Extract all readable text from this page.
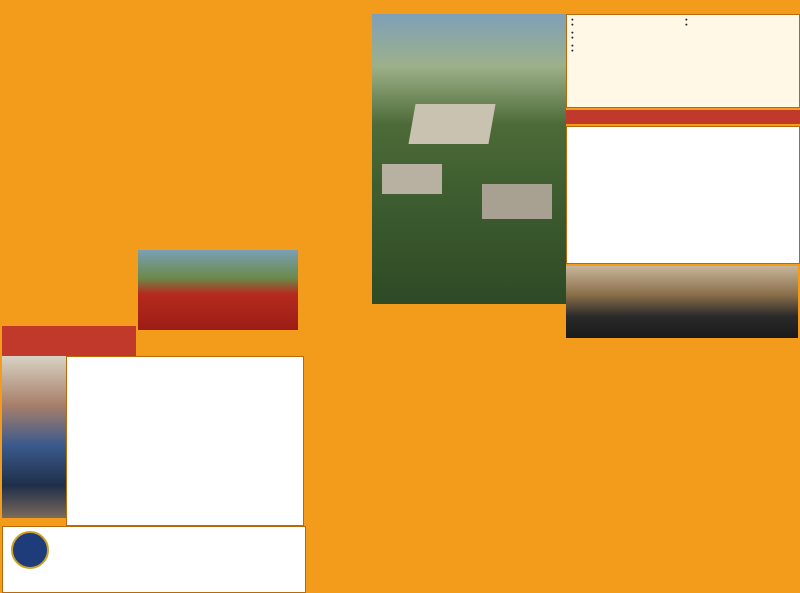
●
●
●
●
●
●
●
●
